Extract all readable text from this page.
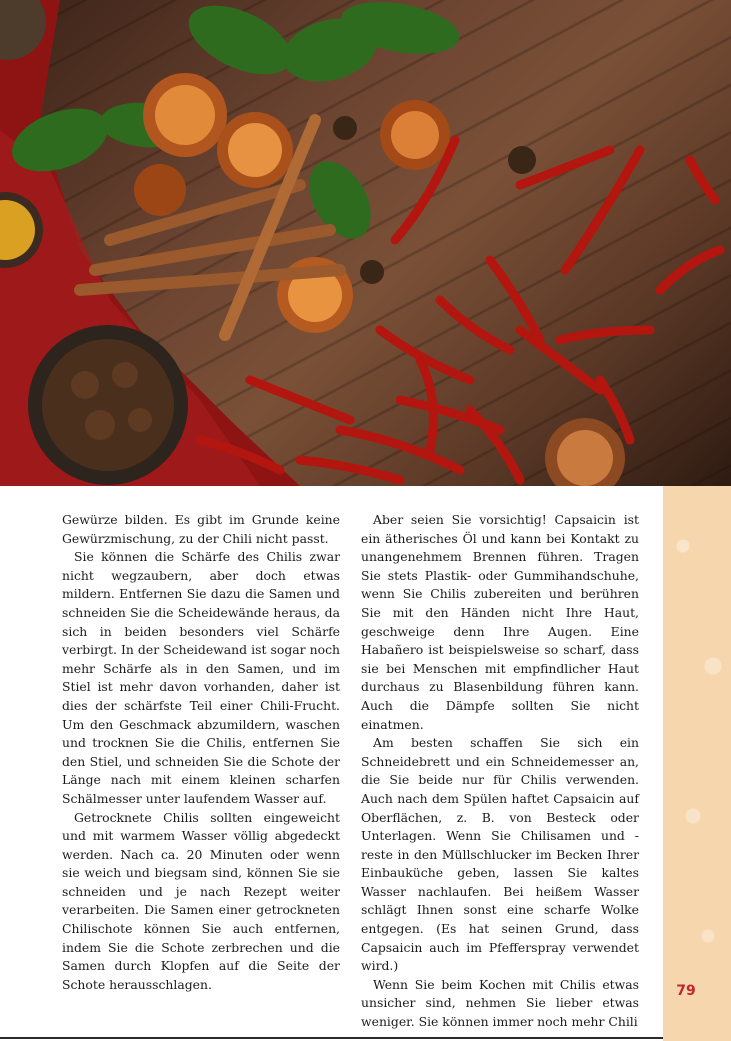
Gewürze bilden. Es gibt im Grunde keine Gewürzmischung, zu der Chili nicht passt.

Sie können die Schärfe des Chilis zwar nicht wegzaubern, aber doch etwas mildern. Entfernen Sie dazu die Samen und schneiden Sie die Scheidewände heraus, da sich in beiden besonders viel Schärfe verbirgt. In der Scheidewand ist sogar noch mehr Schärfe als in den Samen, und im Stiel ist mehr davon vorhanden, daher ist dies der schärfste Teil einer Chili-Frucht. Um den Geschmack abzumildern, waschen und trocknen Sie die Chilis, entfernen Sie den Stiel, und schneiden Sie die Schote der Länge nach mit einem kleinen scharfen Schälmesser unter laufendem Wasser auf.

Getrocknete Chilis sollten eingeweicht und mit warmem Wasser völlig abgedeckt werden. Nach ca. 20 Minuten oder wenn sie weich und biegsam sind, können Sie sie schneiden und je nach Rezept weiter verarbeiten. Die Samen einer getrockneten Chilischote können Sie auch entfernen, indem Sie die Schote zerbrechen und die Samen durch Klopfen auf die Seite der Schote herausschlagen.

Aber seien Sie vorsichtig! Capsaicin ist ein ätherisches Öl und kann bei Kontakt zu unangenehmem Brennen führen. Tragen Sie stets Plastik- oder Gummihandschuhe, wenn Sie Chilis zubereiten und berühren Sie mit den Händen nicht Ihre Haut, geschweige denn Ihre Augen. Eine Habañero ist beispielsweise so scharf, dass sie bei Menschen mit empfindlicher Haut durchaus zu Blasenbildung führen kann. Auch die Dämpfe sollten Sie nicht einatmen.

Am besten schaffen Sie sich ein Schneidebrett und ein Schneidemesser an, die Sie beide nur für Chilis verwenden. Auch nach dem Spülen haftet Capsaicin auf Oberflächen, z. B. von Besteck oder Unterlagen. Wenn Sie Chilisamen und -reste in den Müllschlucker im Becken Ihrer Einbauküche geben, lassen Sie kaltes Wasser nachlaufen. Bei heißem Wasser schlägt Ihnen sonst eine scharfe Wolke entgegen. (Es hat seinen Grund, dass Capsaicin auch im Pfefferspray verwendet wird.)

Wenn Sie beim Kochen mit Chilis etwas unsicher sind, nehmen Sie lieber etwas weniger. Sie können immer noch mehr Chili

79
